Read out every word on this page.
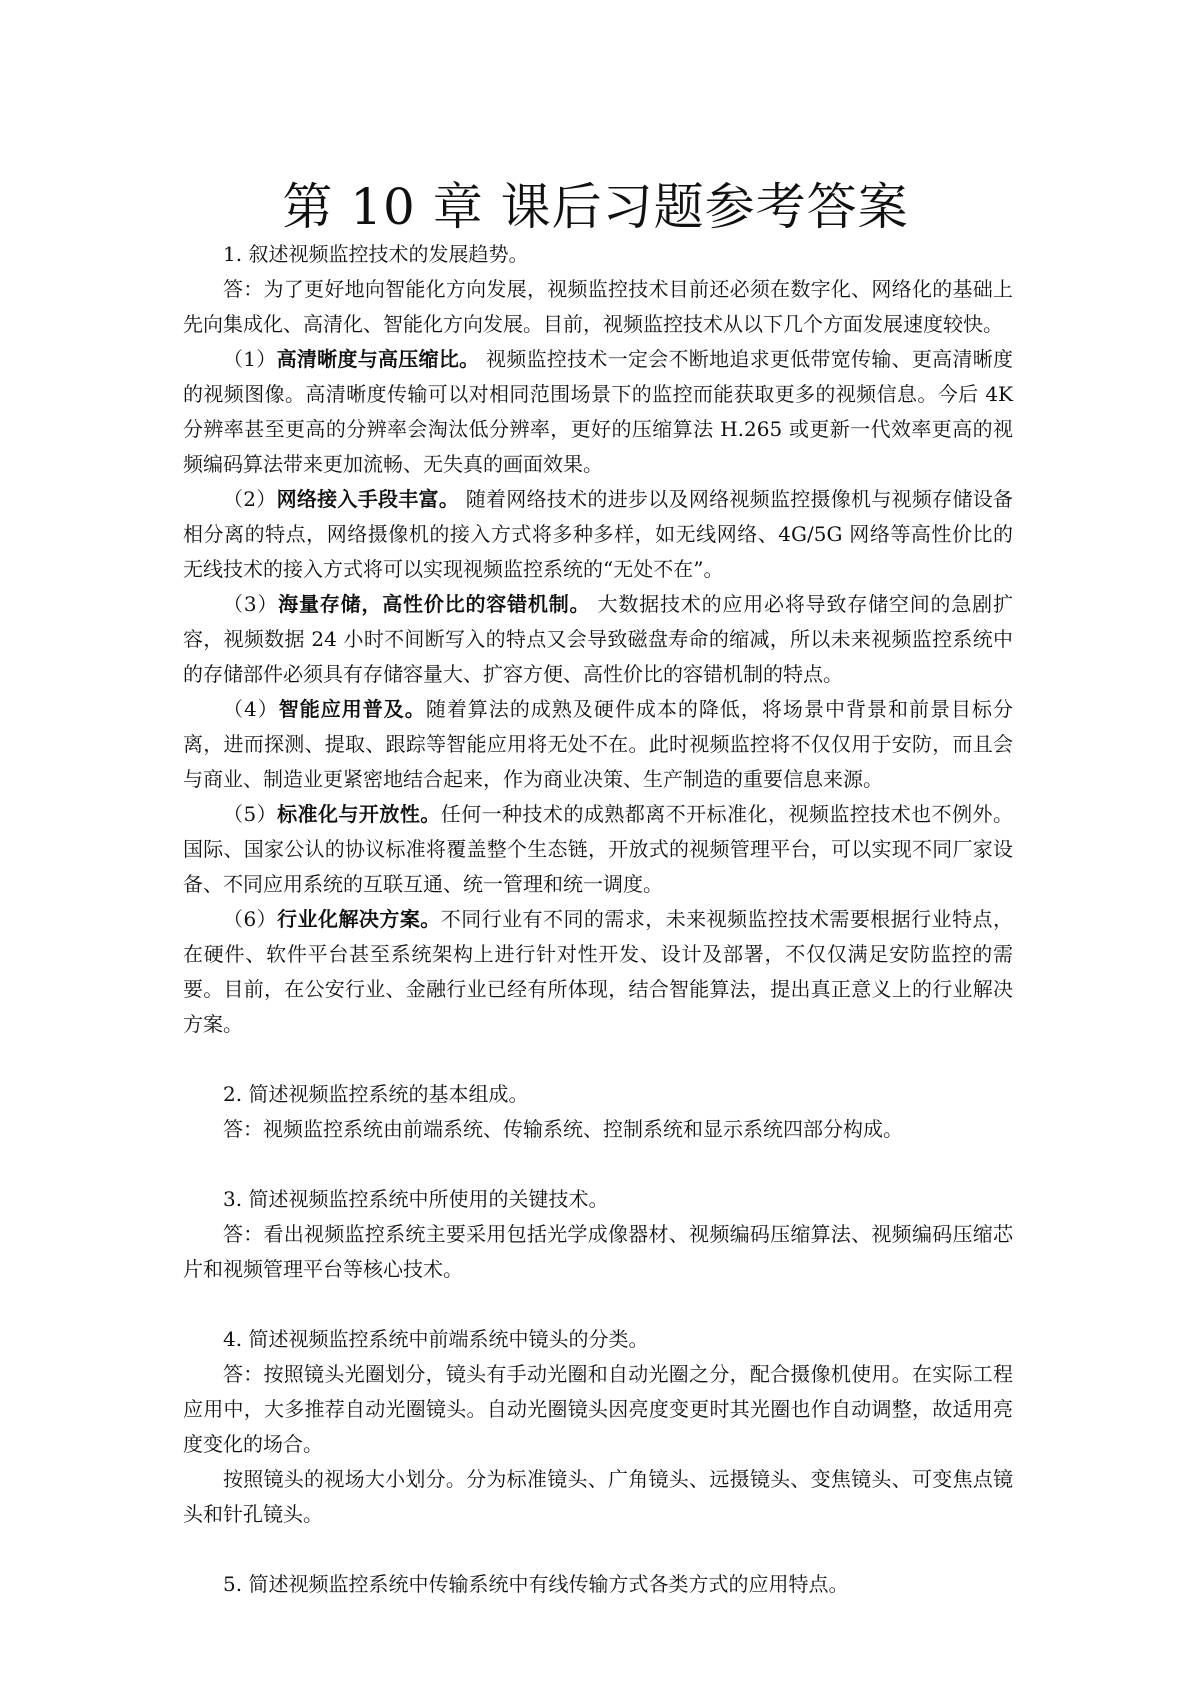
第 10 章 课后习题参考答案

1. 叙述视频监控技术的发展趋势。

答：为了更好地向智能化方向发展，视频监控技术目前还必须在数字化、网络化的基础上先向集成化、高清化、智能化方向发展。目前，视频监控技术从以下几个方面发展速度较快。

（1）高清晰度与高压缩比。 视频监控技术一定会不断地追求更低带宽传输、更高清晰度的视频图像。高清晰度传输可以对相同范围场景下的监控而能获取更多的视频信息。今后 4K 分辨率甚至更高的分辨率会淘汰低分辨率，更好的压缩算法 H.265 或更新一代效率更高的视频编码算法带来更加流畅、无失真的画面效果。

（2）网络接入手段丰富。 随着网络技术的进步以及网络视频监控摄像机与视频存储设备相分离的特点，网络摄像机的接入方式将多种多样，如无线网络、4G/5G 网络等高性价比的无线技术的接入方式将可以实现视频监控系统的“无处不在”。

（3）海量存储，高性价比的容错机制。 大数据技术的应用必将导致存储空间的急剧扩容，视频数据 24 小时不间断写入的特点又会导致磁盘寿命的缩减，所以未来视频监控系统中的存储部件必须具有存储容量大、扩容方便、高性价比的容错机制的特点。

（4）智能应用普及。随着算法的成熟及硬件成本的降低，将场景中背景和前景目标分离，进而探测、提取、跟踪等智能应用将无处不在。此时视频监控将不仅仅用于安防，而且会与商业、制造业更紧密地结合起来，作为商业决策、生产制造的重要信息来源。

（5）标准化与开放性。任何一种技术的成熟都离不开标准化，视频监控技术也不例外。国际、国家公认的协议标准将覆盖整个生态链，开放式的视频管理平台，可以实现不同厂家设备、不同应用系统的互联互通、统一管理和统一调度。

（6）行业化解决方案。不同行业有不同的需求，未来视频监控技术需要根据行业特点，在硬件、软件平台甚至系统架构上进行针对性开发、设计及部署，不仅仅满足安防监控的需要。目前，在公安行业、金融行业已经有所体现，结合智能算法，提出真正意义上的行业解决方案。

2. 简述视频监控系统的基本组成。

答：视频监控系统由前端系统、传输系统、控制系统和显示系统四部分构成。

3. 简述视频监控系统中所使用的关键技术。

答：看出视频监控系统主要采用包括光学成像器材、视频编码压缩算法、视频编码压缩芯片和视频管理平台等核心技术。

4. 简述视频监控系统中前端系统中镜头的分类。

答：按照镜头光圈划分，镜头有手动光圈和自动光圈之分，配合摄像机使用。在实际工程应用中，大多推荐自动光圈镜头。自动光圈镜头因亮度变更时其光圈也作自动调整，故适用亮度变化的场合。

按照镜头的视场大小划分。分为标准镜头、广角镜头、远摄镜头、变焦镜头、可变焦点镜头和针孔镜头。

5. 简述视频监控系统中传输系统中有线传输方式各类方式的应用特点。
